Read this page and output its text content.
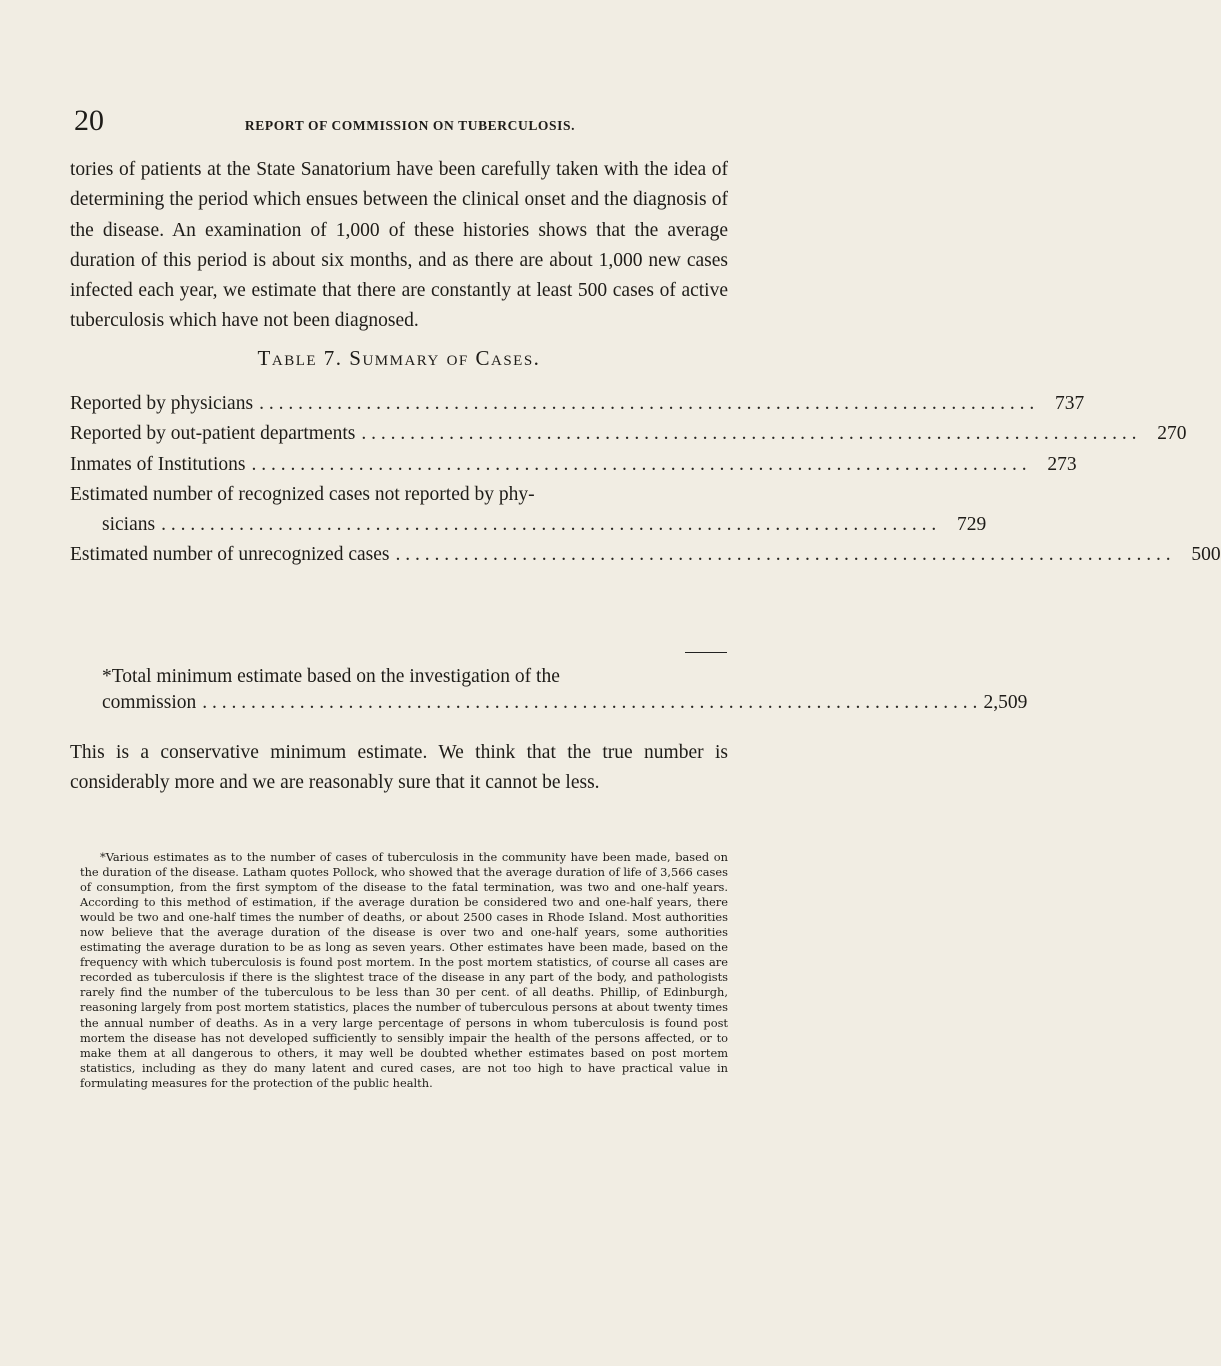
20	REPORT OF COMMISSION ON TUBERCULOSIS.
tories of patients at the State Sanatorium have been carefully taken with the idea of determining the period which ensues between the clinical onset and the diagnosis of the disease. An examination of 1,000 of these histories shows that the average duration of this period is about six months, and as there are about 1,000 new cases infected each year, we estimate that there are constantly at least 500 cases of active tuberculosis which have not been diagnosed.
Table 7. Summary of Cases.
Reported by physicians . . . . . . . . . . . . . . . . . . . . . . . . . . . . . . . . . . . . . . . . . . . . . . . . . . . . . . . . . . . . . . . . . . . . . . . . . . . . . . . .	737
Reported by out-patient departments . . . . . . . . . . . . . . . . . . . . . . . . . . . . . . . . . . . . . . . . . . . . . . . . . . . . . . . . . . . . . . . . . . . . . . . . . . . . . . . .	270
Inmates of Institutions . . . . . . . . . . . . . . . . . . . . . . . . . . . . . . . . . . . . . . . . . . . . . . . . . . . . . . . . . . . . . . . . . . . . . . . . . . . . . . . .	273
Estimated number of recognized cases not reported by phy-
sicians . . . . . . . . . . . . . . . . . . . . . . . . . . . . . . . . . . . . . . . . . . . . . . . . . . . . . . . . . . . . . . . . . . . . . . . . . . . . . . . .	729
Estimated number of unrecognized cases . . . . . . . . . . . . . . . . . . . . . . . . . . . . . . . . . . . . . . . . . . . . . . . . . . . . . . . . . . . . . . . . . . . . . . . . . . . . . . . .	500
*Total minimum estimate based on the investigation of the
commission . . . . . . . . . . . . . . . . . . . . . . . . . . . . . . . . . . . . . . . . . . . . . . . . . . . . . . . . . . . . . . . . . . . . . . . . . . . . . . . . 2,509
This is a conservative minimum estimate. We think that the true number is considerably more and we are reasonably sure that it cannot be less.

*Various estimates as to the number of cases of tuberculosis in the community have been made, based on the duration of the disease. Latham quotes Pollock, who showed that the average duration of life of 3,566 cases of consumption, from the first symptom of the disease to the fatal termination, was two and one-half years. According to this method of estimation, if the average duration be considered two and one-half years, there would be two and one-half times the number of deaths, or about 2500 cases in Rhode Island. Most authorities now believe that the average duration of the disease is over two and one-half years, some authorities estimating the average duration to be as long as seven years. Other estimates have been made, based on the frequency with which tuberculosis is found post mortem. In the post mortem statistics, of course all cases are recorded as tuberculosis if there is the slightest trace of the disease in any part of the body, and pathologists rarely find the number of the tuberculous to be less than 30 per cent. of all deaths. Phillip, of Edinburgh, reasoning largely from post mortem statistics, places the number of tuberculous persons at about twenty times the annual number of deaths. As in a very large percentage of persons in whom tuberculosis is found post mortem the disease has not developed sufficiently to sensibly impair the health of the persons affected, or to make them at all dangerous to others, it may well be doubted whether estimates based on post mortem statistics, including as they do many latent and cured cases, are not too high to have practical value in formulating measures for the protection of the public health.
